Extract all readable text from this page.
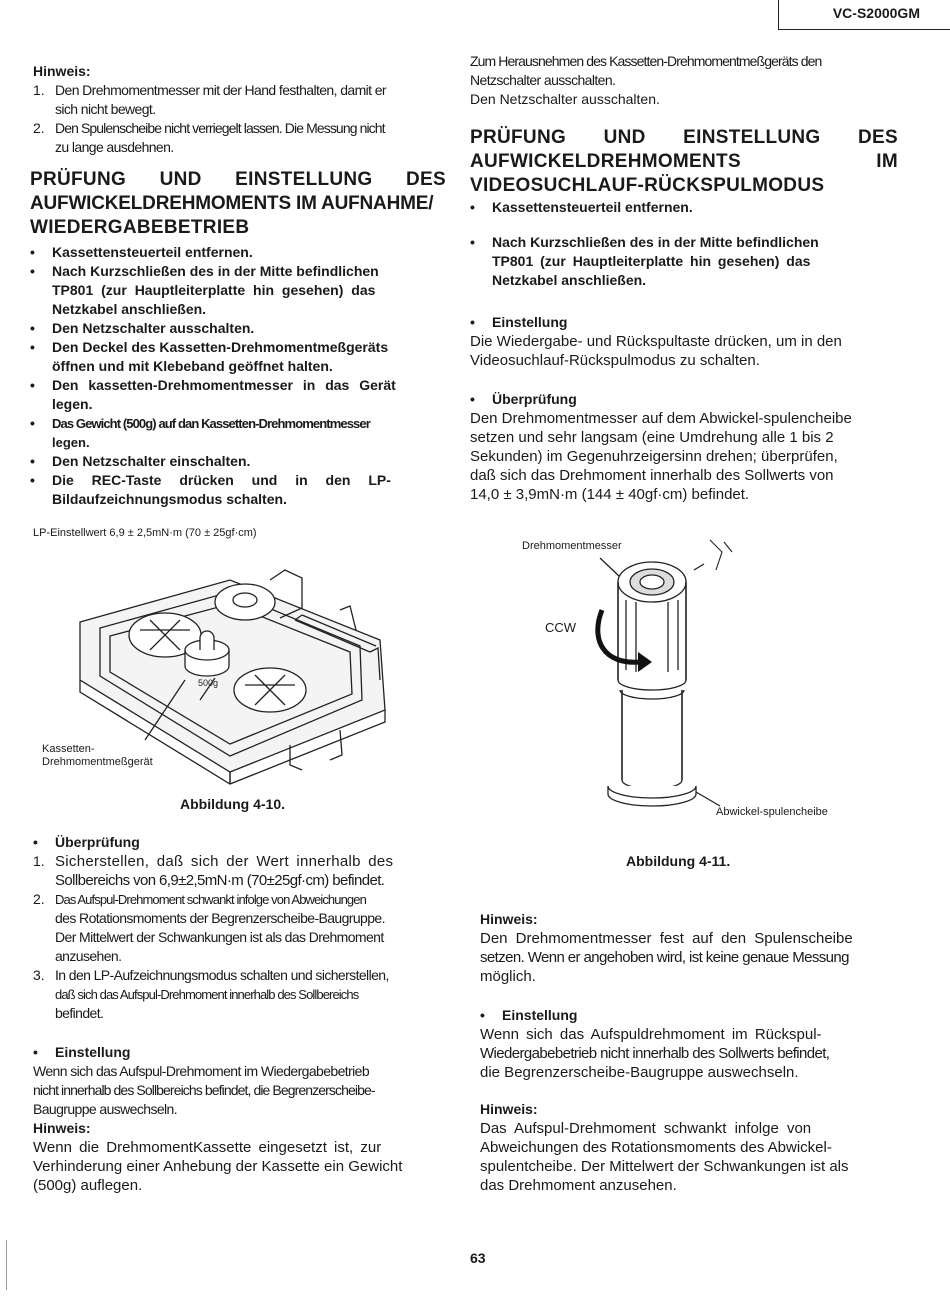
VC-S2000GM

Hinweis:

1. Den Drehmomentmesser mit der Hand festhalten, damit er

sich nicht bewegt.

2. Den Spulenscheibe nicht verriegelt lassen. Die Messung nicht

zu lange ausdehnen.

PRÜFUNG UND EINSTELLUNG DES
AUFWICKELDREHMOMENTS IM AUFNAHME/
WIEDERGABEBETRIEB
•	Kassettensteuerteil entfernen.

•	Nach Kurzschließen des in der Mitte befindlichen

TP801 (zur Hauptleiterplatte hin gesehen) das

Netzkabel anschließen.

•	Den Netzschalter ausschalten.

•	Den Deckel des Kassetten-Drehmomentmeßgeräts

öffnen und mit Klebeband geöffnet halten.

•	Den kassetten-Drehmomentmesser in das Gerät

legen.

•	Das Gewicht (500g) auf dan Kassetten-Drehmomentmesser

legen.

•	Den Netzschalter einschalten.

•	Die REC-Taste drücken und in den LP-

Bildaufzeichnungsmodus schalten.

LP-Einstellwert 6,9 ± 2,5mN·m (70 ± 25gf·cm)
500g
Kassetten-
Drehmomentmeßgerät
Abbildung 4-10.
•	Überprüfung
1. Sicherstellen, daß sich der Wert innerhalb des

Sollbereichs von 6,9±2,5mN·m (70±25gf·cm) befindet.

2. Das Aufspul-Drehmoment schwankt infolge von Abweichungen

des Rotationsmoments der Begrenzerscheibe-Baugruppe.

Der Mittelwert der Schwankungen ist als das Drehmoment

anzusehen.

3. In den LP-Aufzeichnungsmodus schalten und sicherstellen,

daß sich das Aufspul-Drehmoment innerhalb des Sollbereichs

befindet.

•	Einstellung

Wenn sich das Aufspul-Drehmoment im Wiedergabebetrieb

nicht innerhalb des Sollbereichs befindet, die Begrenzerscheibe-

Baugruppe auswechseln.

Hinweis:

Wenn die DrehmomentKassette eingesetzt ist, zur

Verhinderung einer Anhebung der Kassette ein Gewicht

(500g) auflegen.

Zum Herausnehmen des Kassetten-Drehmomentmeßgeräts den

Netzschalter ausschalten.

Den Netzschalter ausschalten.

PRÜFUNG UND EINSTELLUNG DES
AUFWICKELDREHMOMENTS	IM
VIDEOSUCHLAUF-RÜCKSPULMODUS
•	Kassettensteuerteil entfernen.

•	Nach Kurzschließen des in der Mitte befindlichen

TP801 (zur Hauptleiterplatte hin gesehen) das

Netzkabel anschließen.

•	Einstellung

Die Wiedergabe- und Rückspultaste drücken, um in den

Videosuchlauf-Rückspulmodus zu schalten.

•	Überprüfung

Den Drehmomentmesser auf dem Abwickel-spulencheibe

setzen und sehr langsam (eine Umdrehung alle 1 bis 2

Sekunden) im Gegenuhrzeigersinn drehen; überprüfen,

daß sich das Drehmoment innerhalb des Sollwerts von

14,0 ± 3,9mN·m (144 ± 40gf·cm) befindet.

Drehmomentmesser
CCW
Abwickel-spulencheibe
Abbildung 4-11.

Hinweis:

Den Drehmomentmesser fest auf den Spulenscheibe

setzen. Wenn er angehoben wird, ist keine genaue Messung

möglich.

•	Einstellung

Wenn sich das Aufspuldrehmoment im Rückspul-

Wiedergabebetrieb nicht innerhalb des Sollwerts befindet,

die Begrenzerscheibe-Baugruppe auswechseln.

Hinweis:

Das Aufspul-Drehmoment schwankt infolge von

Abweichungen des Rotationsmoments des Abwickel-

spulentcheibe. Der Mittelwert der Schwankungen ist als

das Drehmoment anzusehen.

63
